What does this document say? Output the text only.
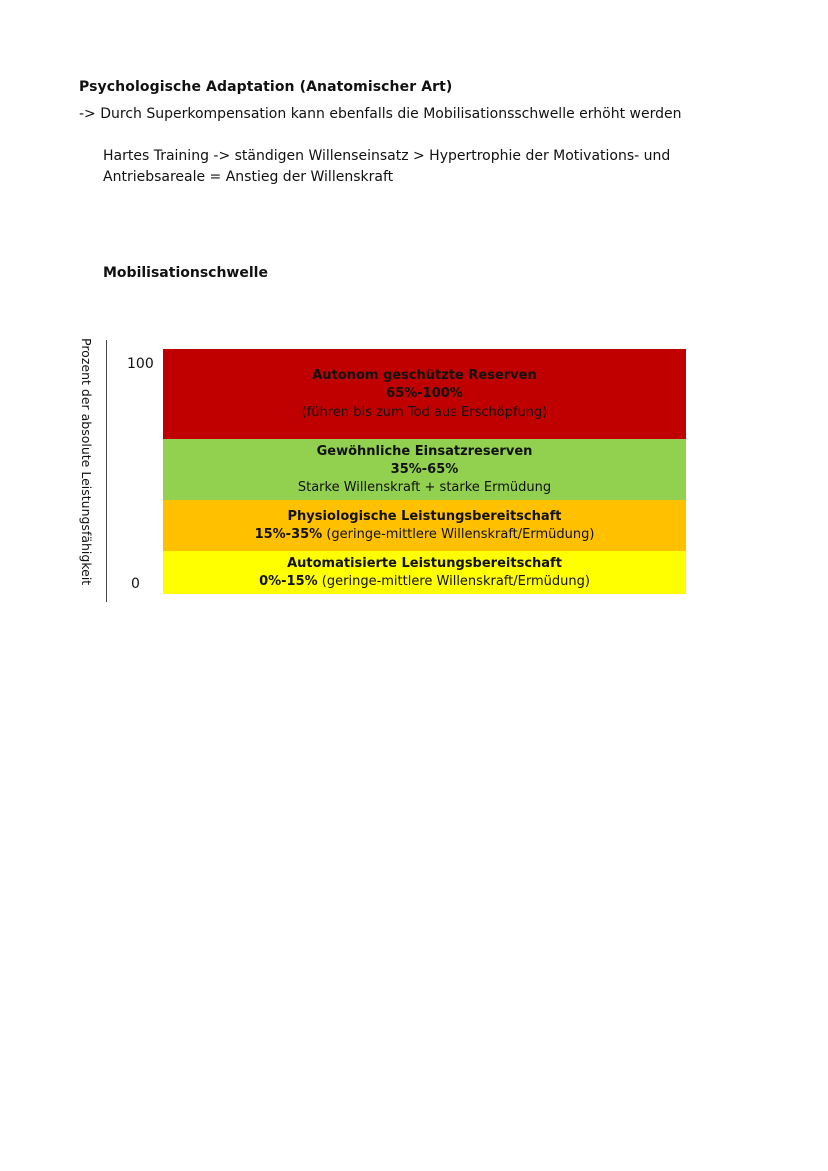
Psychologische Adaptation (Anatomischer Art)
-> Durch Superkompensation kann ebenfalls die Mobilisationsschwelle erhöht werden
Hartes Training -> ständigen Willenseinsatz > Hypertrophie der Motivations- und
Antriebsareale = Anstieg der Willenskraft
Mobilisationschwelle
Prozent der absolute Leistungsfähigkeit 100
0
Autonom geschützte Reserven
65%-100%
(führen bis zum Tod aus Erschöpfung)
Gewöhnliche Einsatzreserven
35%-65%
Starke Willenskraft + starke Ermüdung
Physiologische Leistungsbereitschaft
15%-35% (geringe-mittlere Willenskraft/Ermüdung)
Automatisierte Leistungsbereitschaft
0%-15% (geringe-mittlere Willenskraft/Ermüdung)
